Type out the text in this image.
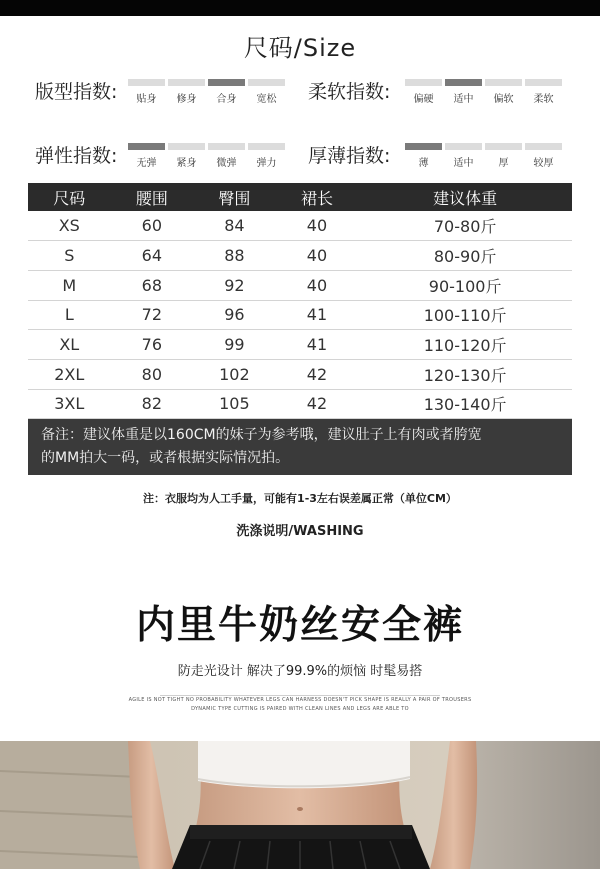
尺码/Size
版型指数:	贴身	修身	合身	宽松	柔软指数:	偏硬	适中	偏软	柔软
弹性指数:	无弹	紧身	微弹	弹力	厚薄指数:	薄	适中	厚	较厚
尺码	腰围	臀围	裙长	建议体重
XS	60	84	40	70-80斤
S	64	88	40	80-90斤
M	68	92	40	90-100斤
L	72	96	41	100-110斤
XL	76	99	41	110-120斤
2XL	80	102	42	120-130斤
3XL	82	105	42	130-140斤
备注：建议体重是以160CM的妹子为参考哦，建议肚子上有肉或者胯宽
的MM拍大一码，或者根据实际情况拍。
注：衣服均为人工手量，可能有1-3左右误差属正常（单位CM）
洗涤说明/WASHING
内里牛奶丝安全裤
防走光设计 解决了99.9%的烦恼 时髦易搭
AGILE IS NOT TIGHT NO PROBABILITY WHATEVER LEGS CAN HARNESS DOESN'T PICK SHAPE IS REALLY A PAIR OF TROUSERS
DYNAMIC TYPE CUTTING IS PAIRED WITH CLEAN LINES AND LEGS ARE ABLE TO
